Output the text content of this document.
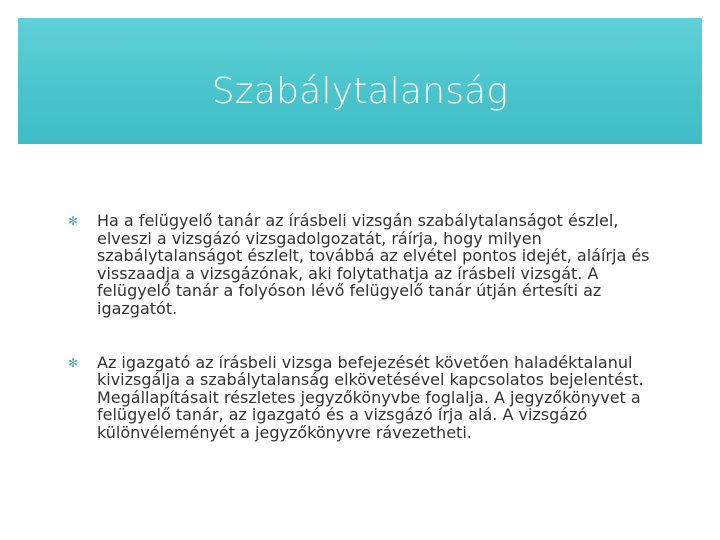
Szabálytalanság
✻ Ha a felügyelő tanár az írásbeli vizsgán szabálytalanságot észlel, elveszi a vizsgázó vizsgadolgozatát, ráírja, hogy milyen szabálytalanságot észlelt, továbbá az elvétel pontos idejét, aláírja és visszaadja a vizsgázónak, aki folytathatja az írásbeli vizsgát. A felügyelő tanár a folyóson lévő felügyelő tanár útján értesíti az igazgatót.
✻ Az igazgató az írásbeli vizsga befejezését követően haladéktalanul kivizsgálja a szabálytalanság elkövetésével kapcsolatos bejelentést. Megállapításait részletes jegyzőkönyvbe foglalja. A jegyzőkönyvet a felügyelő tanár, az igazgató és a vizsgázó írja alá. A vizsgázó különvéleményét a jegyzőkönyvre rávezetheti.
